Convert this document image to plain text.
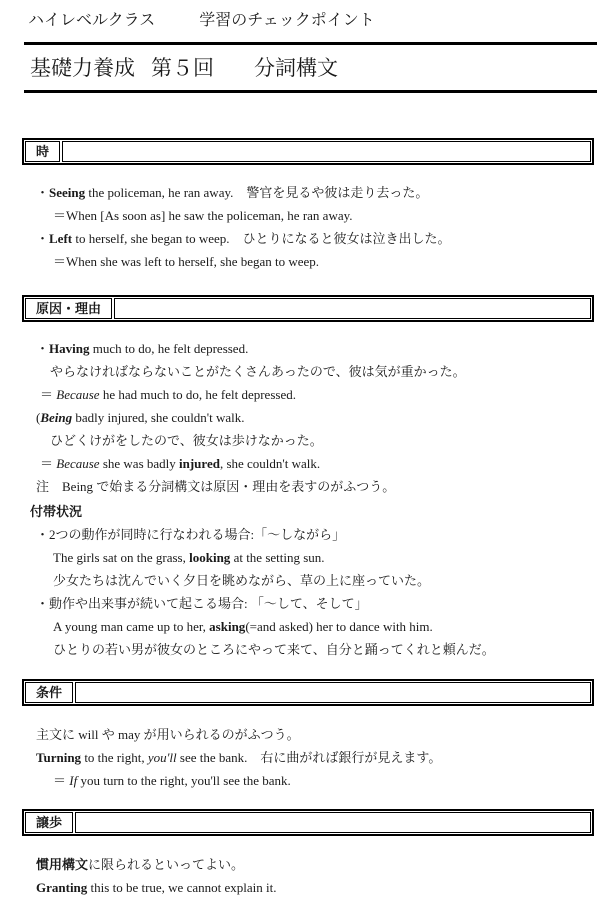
ハイレベルクラス	学習のチェックポイント
基礎力養成 第５回 分詞構文
時
・Seeing the policeman, he ran away.　警官を見るや彼は走り去った。
＝When [As soon as] he saw the policeman, he ran away.
・Left to herself, she began to weep.　ひとりになると彼女は泣き出した。
＝When she was left to herself, she began to weep.
原因・理由
・Having much to do, he felt depressed.
やらなければならないことがたくさんあったので、彼は気が重かった。
＝ Because he had much to do, he felt depressed.
(Being badly injured, she couldn't walk.
ひどくけがをしたので、彼女は歩けなかった。
＝ Because she was badly injured, she couldn't walk.
注　Being で始まる分詞構文は原因・理由を表すのがふつう。
付帯状況
・2つの動作が同時に行なわれる場合:「～しながら」
The girls sat on the grass, looking at the setting sun.
少女たちは沈んでいく夕日を眺めながら、草の上に座っていた。
・動作や出来事が続いて起こる場合: 「～して、そして」
A young man came up to her, asking(=and asked) her to dance with him.
ひとりの若い男が彼女のところにやって来て、自分と踊ってくれと頼んだ。
条件
主文に will や may が用いられるのがふつう。
Turning to the right, you'll see the bank.　右に曲がれば銀行が見えます。
＝ If you turn to the right, you'll see the bank.
譲歩
慣用構文に限られるといってよい。
Granting this to be true, we cannot explain it.
